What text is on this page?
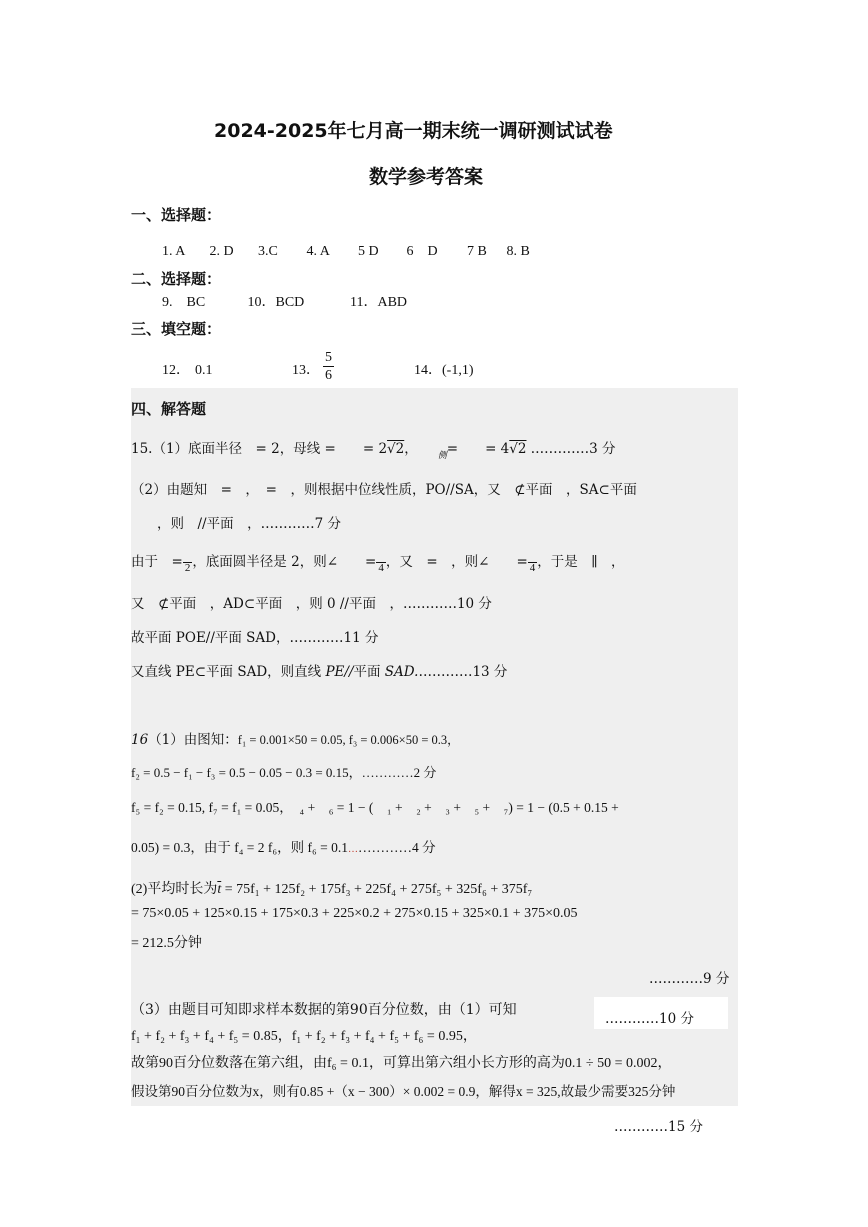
2024-2025年七月高一期末统一调研测试试卷
数学参考答案
一、选择题：
1. A 2. D 3.C 4. A 5 D 6　D 7 B 8. B
二、选择题：
9.　BC	10．BCD	11．ABD
三、填空题：
12． 0.1	13． $\frac{5}{6}$	14．(-1,1)
四、解答题
15.（1）底面半径　= 2，母线 =　　= 2√2， $_侧$=　　= 4√2 .…………3 分
（2）由题知　=　，　=　，则根据中位线性质，PO//SA，又　⊄平面　，SA⊂平面
，则　//平面　，…………7 分
由于　=
2 ，底面圆半径是 2，则∠　　=
4 ，又　=　，则∠　　=
4 ，于是　∥　，
又　⊄平面　，AD⊂平面　，则 0 //平面　，…………10 分
故平面 POE//平面 SAD，…………11 分
又直线 PE⊂平面 SAD，则直线 PE//平面 SAD.…………13 分
16（1）由图知：f₁ = 0.001×50 = 0.05, f₃ = 0.006×50 = 0.3，
f₂ = 0.5 − f₁ − f₃ = 0.5 − 0.05 − 0.3 = 0.15，…………2 分
f₅ = f₂ = 0.15, f₇ = f₁ = 0.05，　₄ +　₆ = 1 − (　₁ +　₂ +　₃ +　₅ +　₇) = 1 − (0.5 + 0.15 +
0.05) = 0.3，由于 f₄ = 2 f₆，则 f₆ = 0.1……………4 分
(2)平均时长为$\overline{t} = 75f_1 + 125f_2 + 175f_3 + 225f_4 + 275f_5 + 325f_6 + 375f_7$
= 75×0.05 + 125×0.15 + 175×0.3 + 225×0.2 + 275×0.15 + 325×0.1 + 375×0.05
= 212.5分钟
…………9 分
（3）由题目可知即求样本数据的第90百分位数，由（1）可知
…………10 分
f₁ + f₂ + f₃ + f₄ + f₅ = 0.85，f₁ + f₂ + f₃ + f₄ + f₅ + f₆ = 0.95，
故第90百分位数落在第六组，由f₆ = 0.1，可算出第六组小长方形的高为0.1 ÷ 50 = 0.002，
假设第90百分位数为x，则有0.85 +（x − 300）× 0.002 = 0.9，解得x = 325,故最少需要325分钟
…………15 分
